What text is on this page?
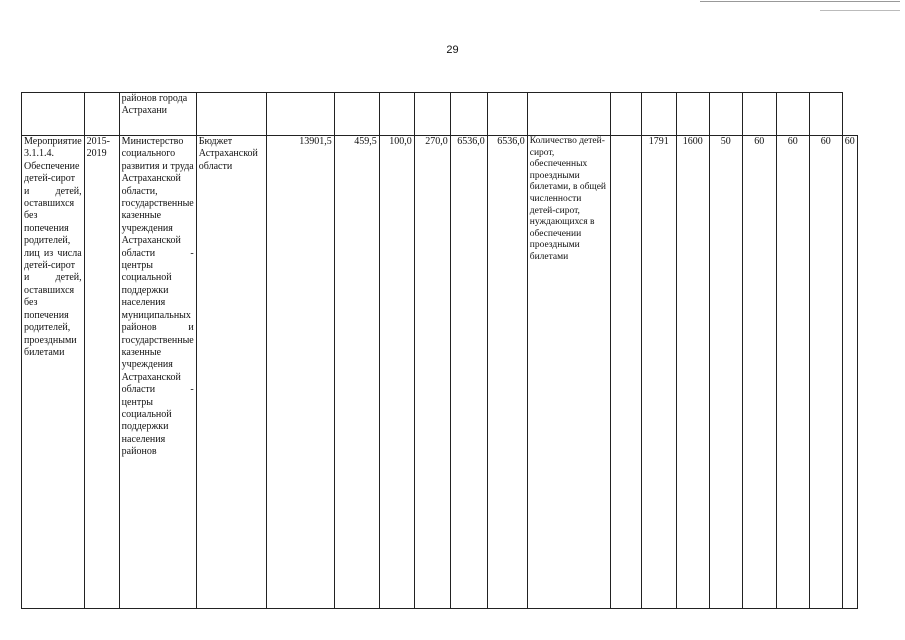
29
		районов города Астрахани																
Мероприятие 3.1.1.4. Обеспечение детей-сирот и детей, оставшихся без попечения родителей, лиц из числа детей-сирот и детей, оставшихся без попечения родителей, проездными билетами	2015-2019	Министерство социального развития и труда Астраханской области, государственные казенные учреждения Астраханской области - центры социальной поддержки населения муниципальных районов и государственные казенные учреждения Астраханской области - центры социальной поддержки населения районов	Бюджет Астраханской области	13901,5	459,5	100,0	270,0	6536,0	6536,0	Количество детей-сирот, обеспеченных проездными билетами, в общей численности детей-сирот, нуждающихся в обеспечении проездными билетами		1791	1600	50	60	60	60	60
